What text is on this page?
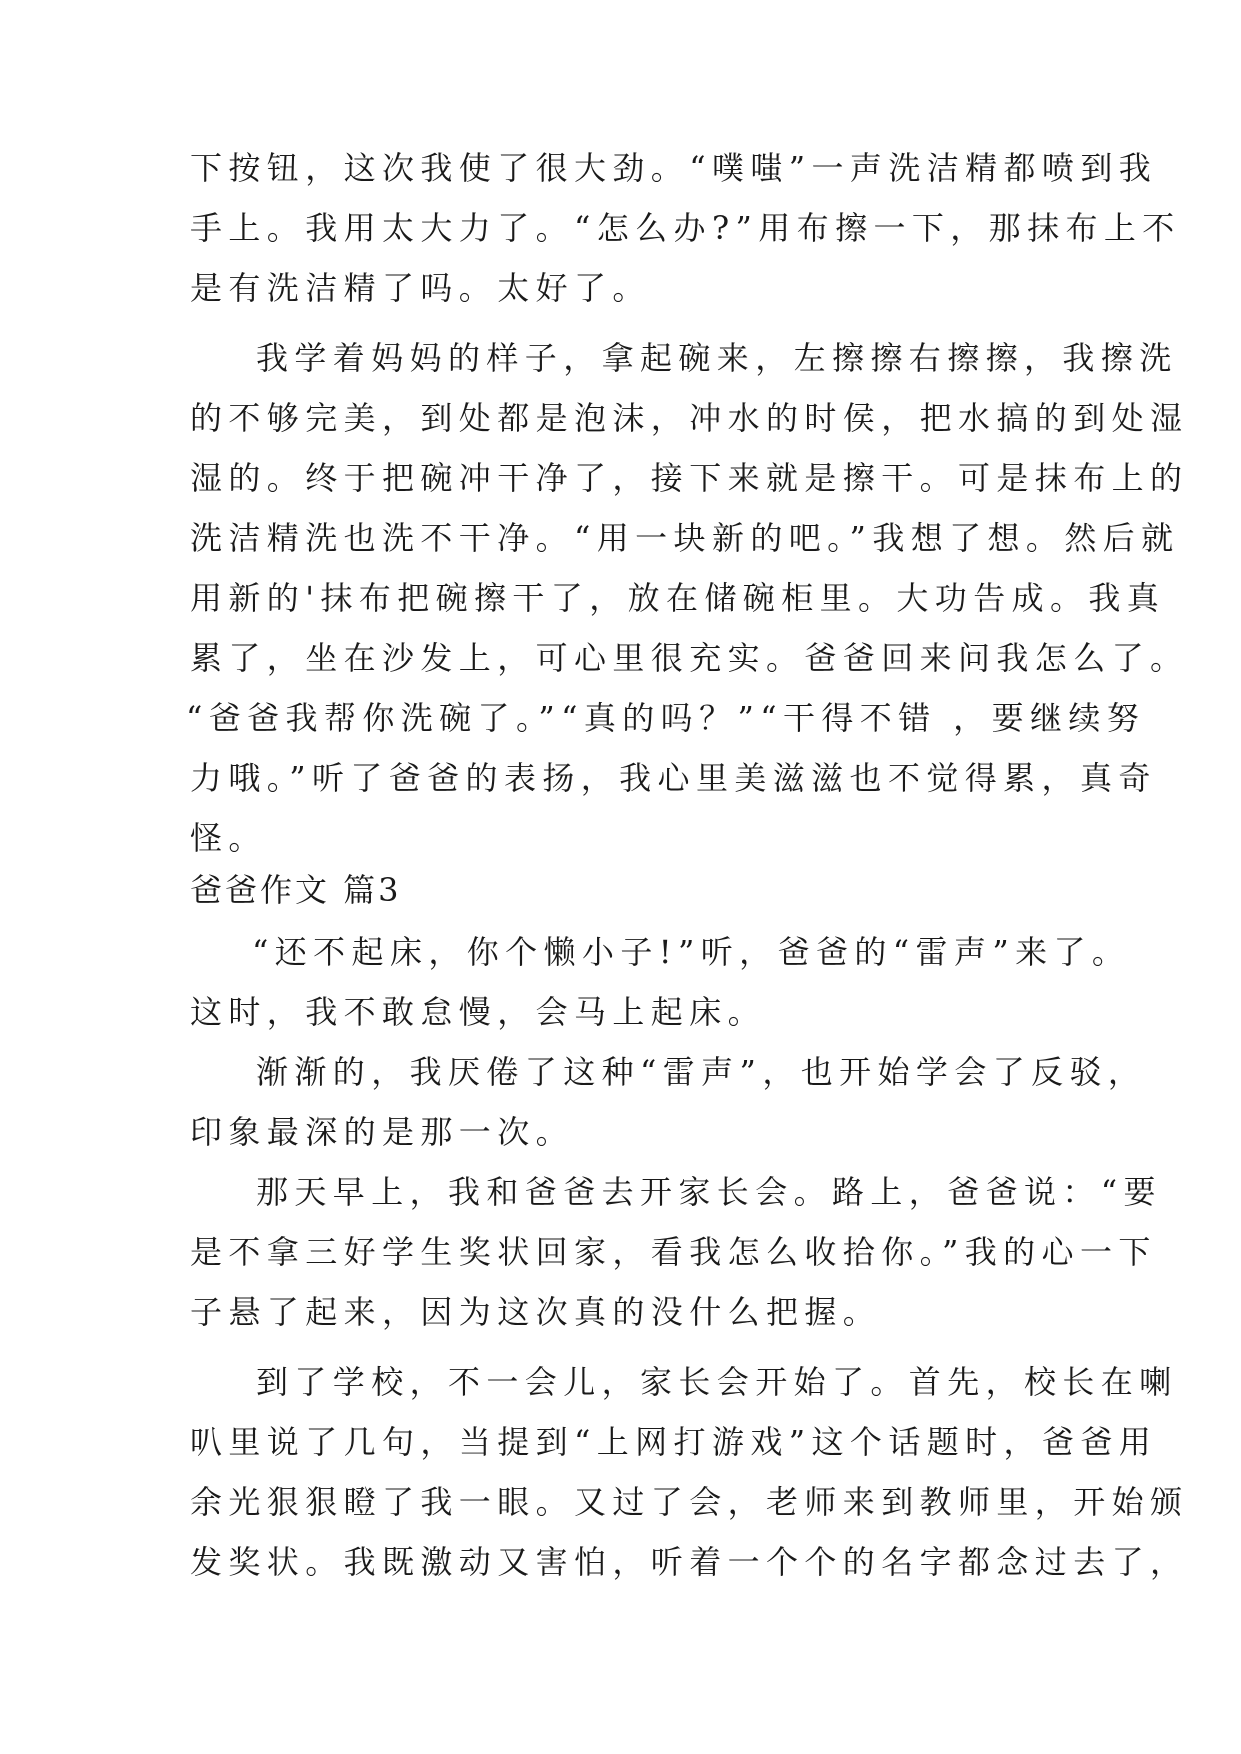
下按钮，这次我使了很大劲。“噗嗤”一声洗洁精都喷到我
手上。我用太大力了。“怎么办?”用布擦一下，那抹布上不
是有洗洁精了吗。太好了。
我学着妈妈的样子，拿起碗来，左擦擦右擦擦，我擦洗
的不够完美，到处都是泡沫，冲水的时侯，把水搞的到处湿
湿的。终于把碗冲干净了，接下来就是擦干。可是抹布上的
洗洁精洗也洗不干净。“用一块新的吧。”我想了想。然后就
用新的'抹布把碗擦干了，放在储碗柜里。大功告成。我真
累了，坐在沙发上，可心里很充实。爸爸回来问我怎么了。
“爸爸我帮你洗碗了。”“真的吗？”“干得不错 ，要继续努
力哦。”听了爸爸的表扬，我心里美滋滋也不觉得累，真奇
怪。
爸爸作文 篇3
“还不起床，你个懒小子!”听，爸爸的“雷声”来了。
这时，我不敢怠慢，会马上起床。
渐渐的，我厌倦了这种“雷声”，也开始学会了反驳，
印象最深的是那一次。
那天早上，我和爸爸去开家长会。路上，爸爸说：“要
是不拿三好学生奖状回家，看我怎么收拾你。”我的心一下
子悬了起来，因为这次真的没什么把握。
到了学校，不一会儿，家长会开始了。首先，校长在喇
叭里说了几句，当提到“上网打游戏”这个话题时，爸爸用
余光狠狠瞪了我一眼。又过了会，老师来到教师里，开始颁
发奖状。我既激动又害怕，听着一个个的名字都念过去了，
